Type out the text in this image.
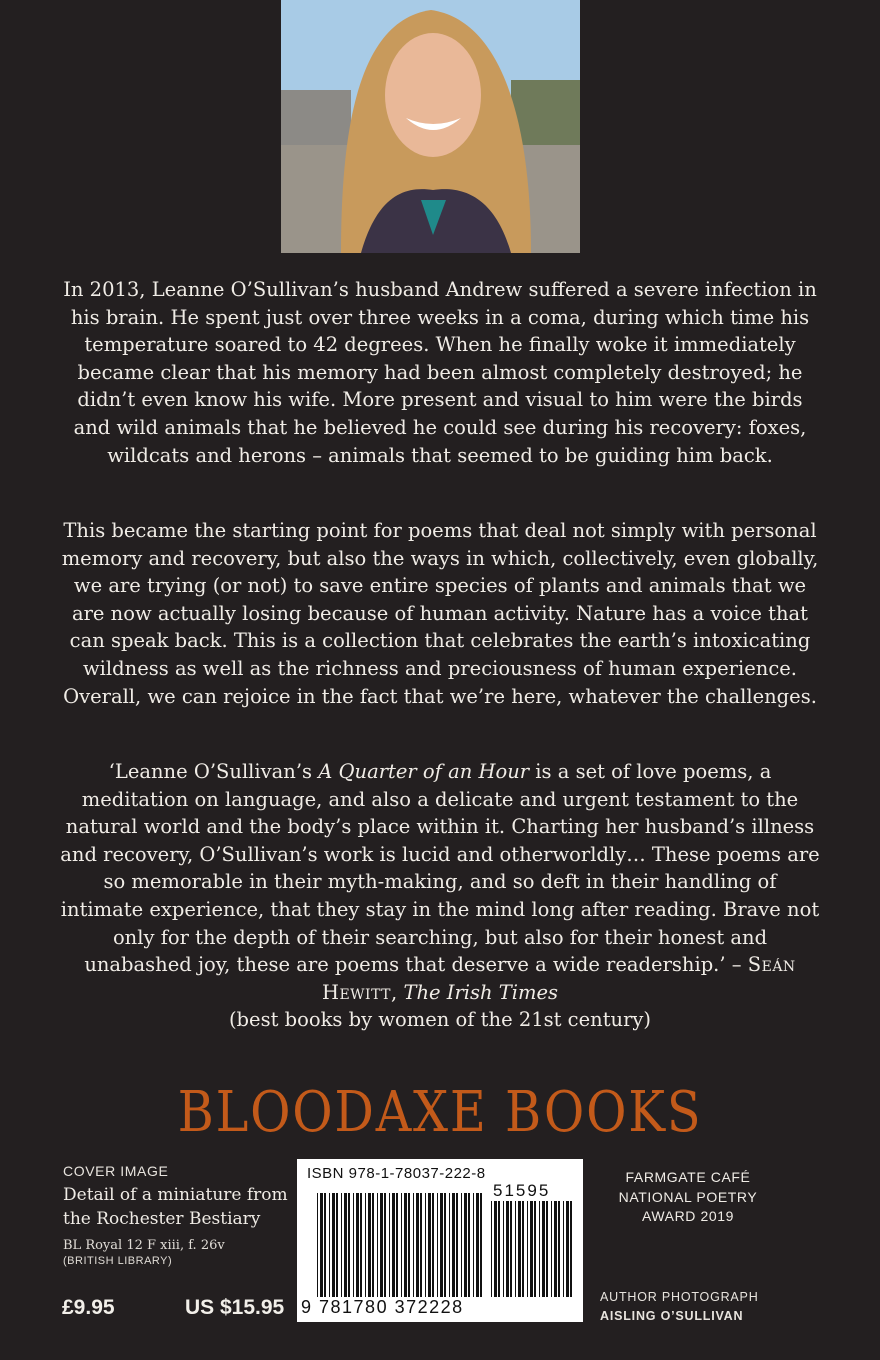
In 2013, Leanne O’Sullivan’s husband Andrew suffered a severe infection in his brain. He spent just over three weeks in a coma, during which time his temperature soared to 42 degrees. When he finally woke it immediately became clear that his memory had been almost completely destroyed; he didn’t even know his wife. More present and visual to him were the birds and wild animals that he believed he could see during his recovery: foxes, wildcats and herons – animals that seemed to be guiding him back.
This became the starting point for poems that deal not simply with personal memory and recovery, but also the ways in which, collectively, even globally, we are trying (or not) to save entire species of plants and animals that we are now actually losing because of human activity. Nature has a voice that can speak back. This is a collection that celebrates the earth’s intoxicating wildness as well as the richness and preciousness of human experience. Overall, we can rejoice in the fact that we’re here, whatever the challenges.
‘Leanne O’Sullivan’s A Quarter of an Hour is a set of love poems, a meditation on language, and also a delicate and urgent testament to the natural world and the body’s place within it. Charting her husband’s illness and recovery, O’Sullivan’s work is lucid and otherworldly… These poems are so memorable in their myth-making, and so deft in their handling of intimate experience, that they stay in the mind long after reading. Brave not only for the depth of their searching, but also for their honest and unabashed joy, these are poems that deserve a wide readership.’ – Seán Hewitt, The Irish Times
(best books by women of the 21st century)
BLOODAXE BOOKS
COVER IMAGE
Detail of a miniature from the Rochester Bestiary
BL Royal 12 F xiii, f. 26v
(BRITISH LIBRARY)
£9.95	US $15.95
ISBN 978-1-78037-222-8
51595
9 781780 372228
FARMGATE CAFÉ
NATIONAL POETRY
AWARD 2019
AUTHOR PHOTOGRAPH
AISLING O’SULLIVAN
